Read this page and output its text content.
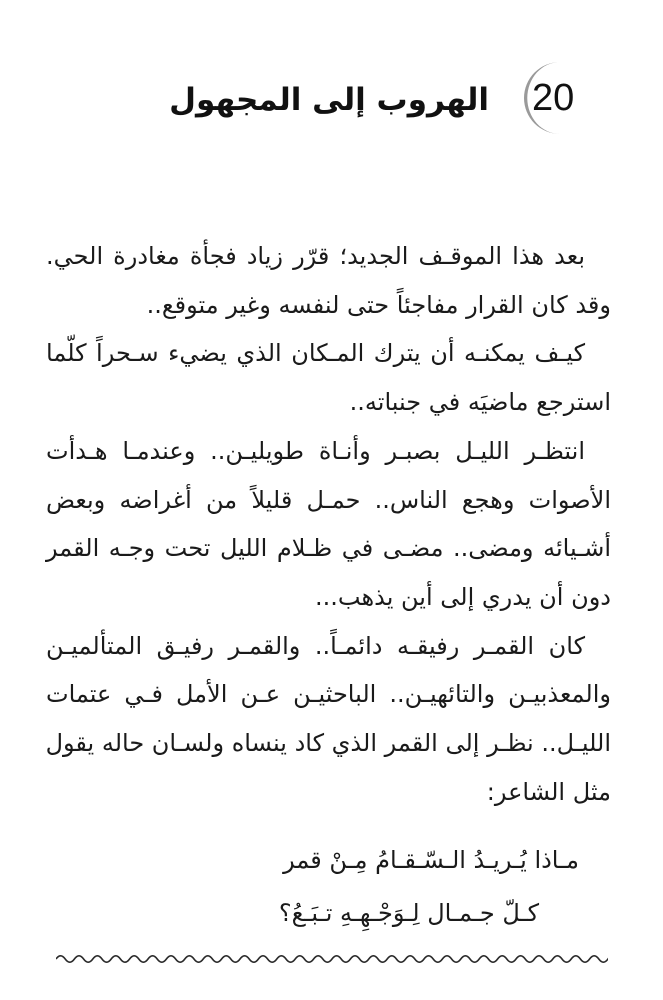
20
الهروب إلى المجهول

بعد هذا الموقـف الجديد؛ قرّر زياد فجأة مغادرة الحي.
وقد كان القرار مفاجئاً حتى لنفسه وغير متوقع..

كيـف يمكنـه أن يترك المـكان الذي يضيء سـحراً كلّما
استرجع ماضيَه في جنباته..

انتظـر الليـل بصبـر وأنـاة طويليـن.. وعندمـا هـدأت
الأصوات وهجع الناس.. حمـل قليلاً من أغراضه وبعض
أشـيائه ومضى.. مضـى في ظـلام الليل تحت وجـه القمر
دون أن يدري إلى أين يذهب...

كان القمـر رفيقـه دائمـاً.. والقمـر رفيـق المتألميـن
والمعذبيـن والتائهيـن.. الباحثيـن عـن الأمل فـي عتمات
الليـل.. نظـر إلى القمر الذي كاد ينساه ولسـان حاله يقول
مثل الشاعر:

مـاذا يُـريـدُ الـسّـقـامُ مِـنْ قمر
كـلّ جـمـال لِـوَجْـهِـهِ تـبَـعُ؟
